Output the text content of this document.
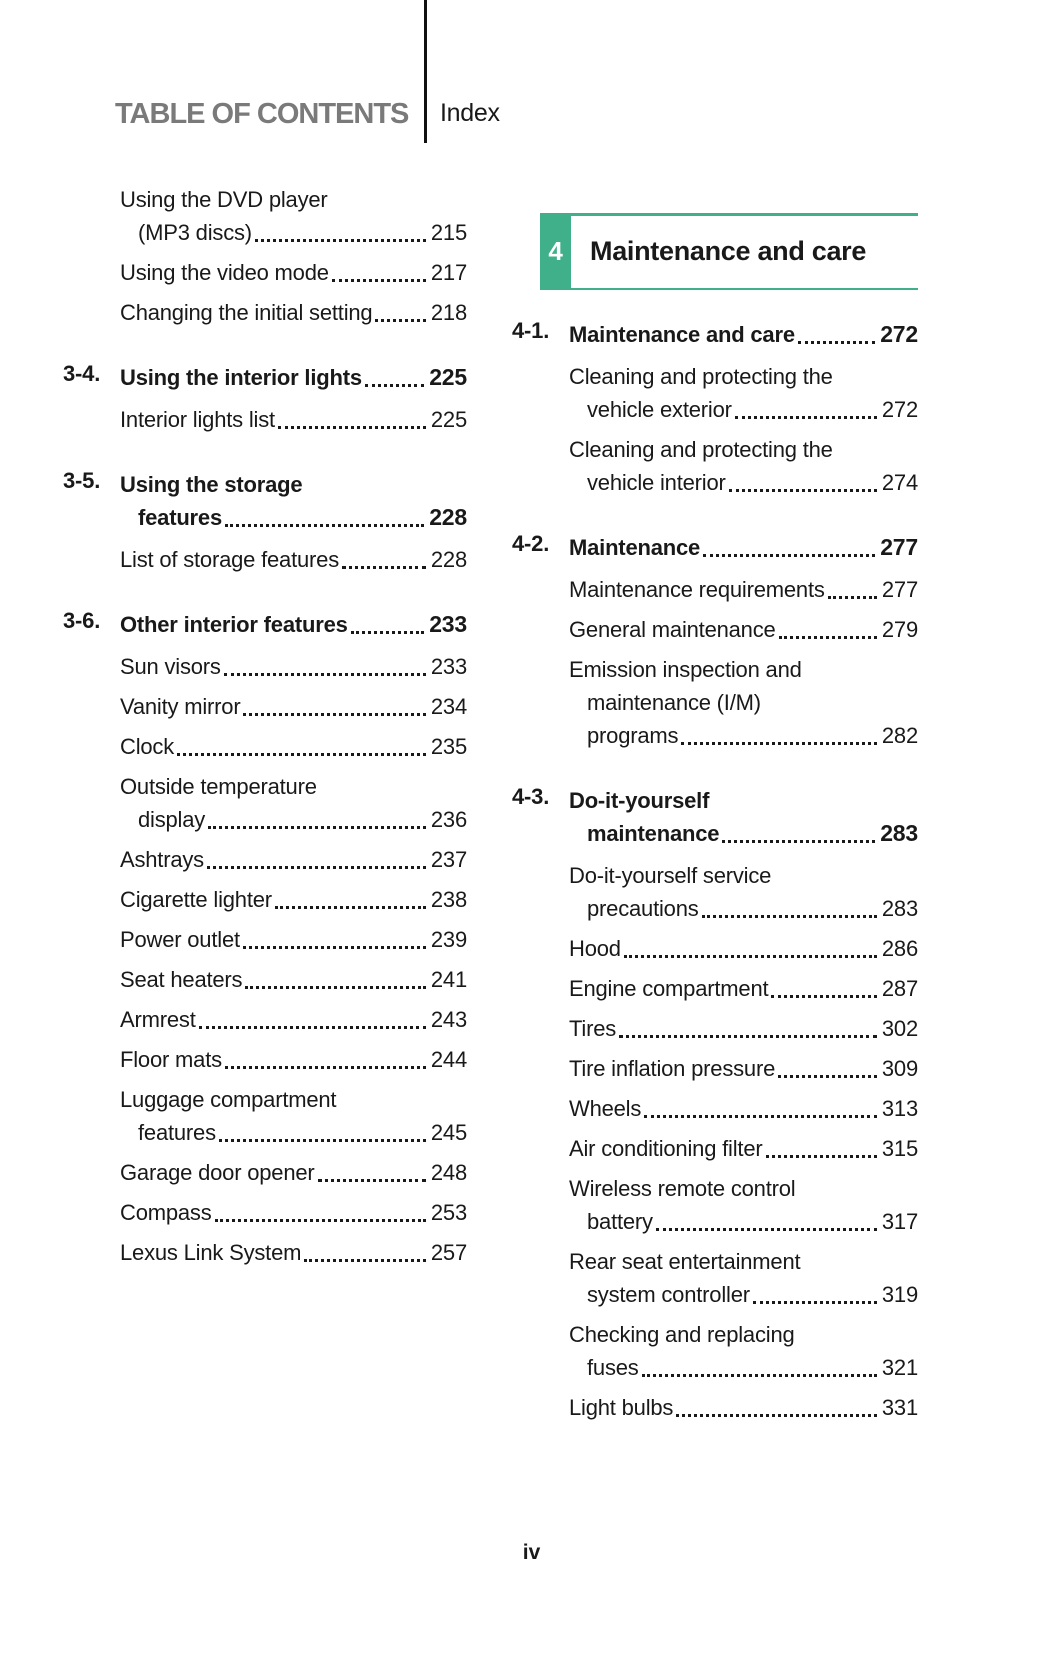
TABLE OF CONTENTS Index
Using the DVD player
(MP3 discs)	215
Using the video mode	217
Changing the initial setting	218
3-4. Using the interior lights	225
Interior lights list	225
3-5. Using the storage
features	228
List of storage features	228
3-6. Other interior features	233
Sun visors	233
Vanity mirror	234
Clock	235
Outside temperature
display	236
Ashtrays	237
Cigarette lighter	238
Power outlet	239
Seat heaters	241
Armrest	243
Floor mats	244
Luggage compartment
features	245
Garage door opener	248
Compass	253
Lexus Link System	257
4	Maintenance and care
4-1. Maintenance and care	272
Cleaning and protecting the
vehicle exterior	272
Cleaning and protecting the
vehicle interior	274
4-2. Maintenance	277
Maintenance requirements	277
General maintenance	279
Emission inspection and
maintenance (I/M)
programs	282
4-3. Do-it-yourself
maintenance	283
Do-it-yourself service
precautions	283
Hood	286
Engine compartment	287
Tires	302
Tire inflation pressure	309
Wheels	313
Air conditioning filter	315
Wireless remote control
battery	317
Rear seat entertainment
system controller	319
Checking and replacing
fuses	321
Light bulbs	331
iv
